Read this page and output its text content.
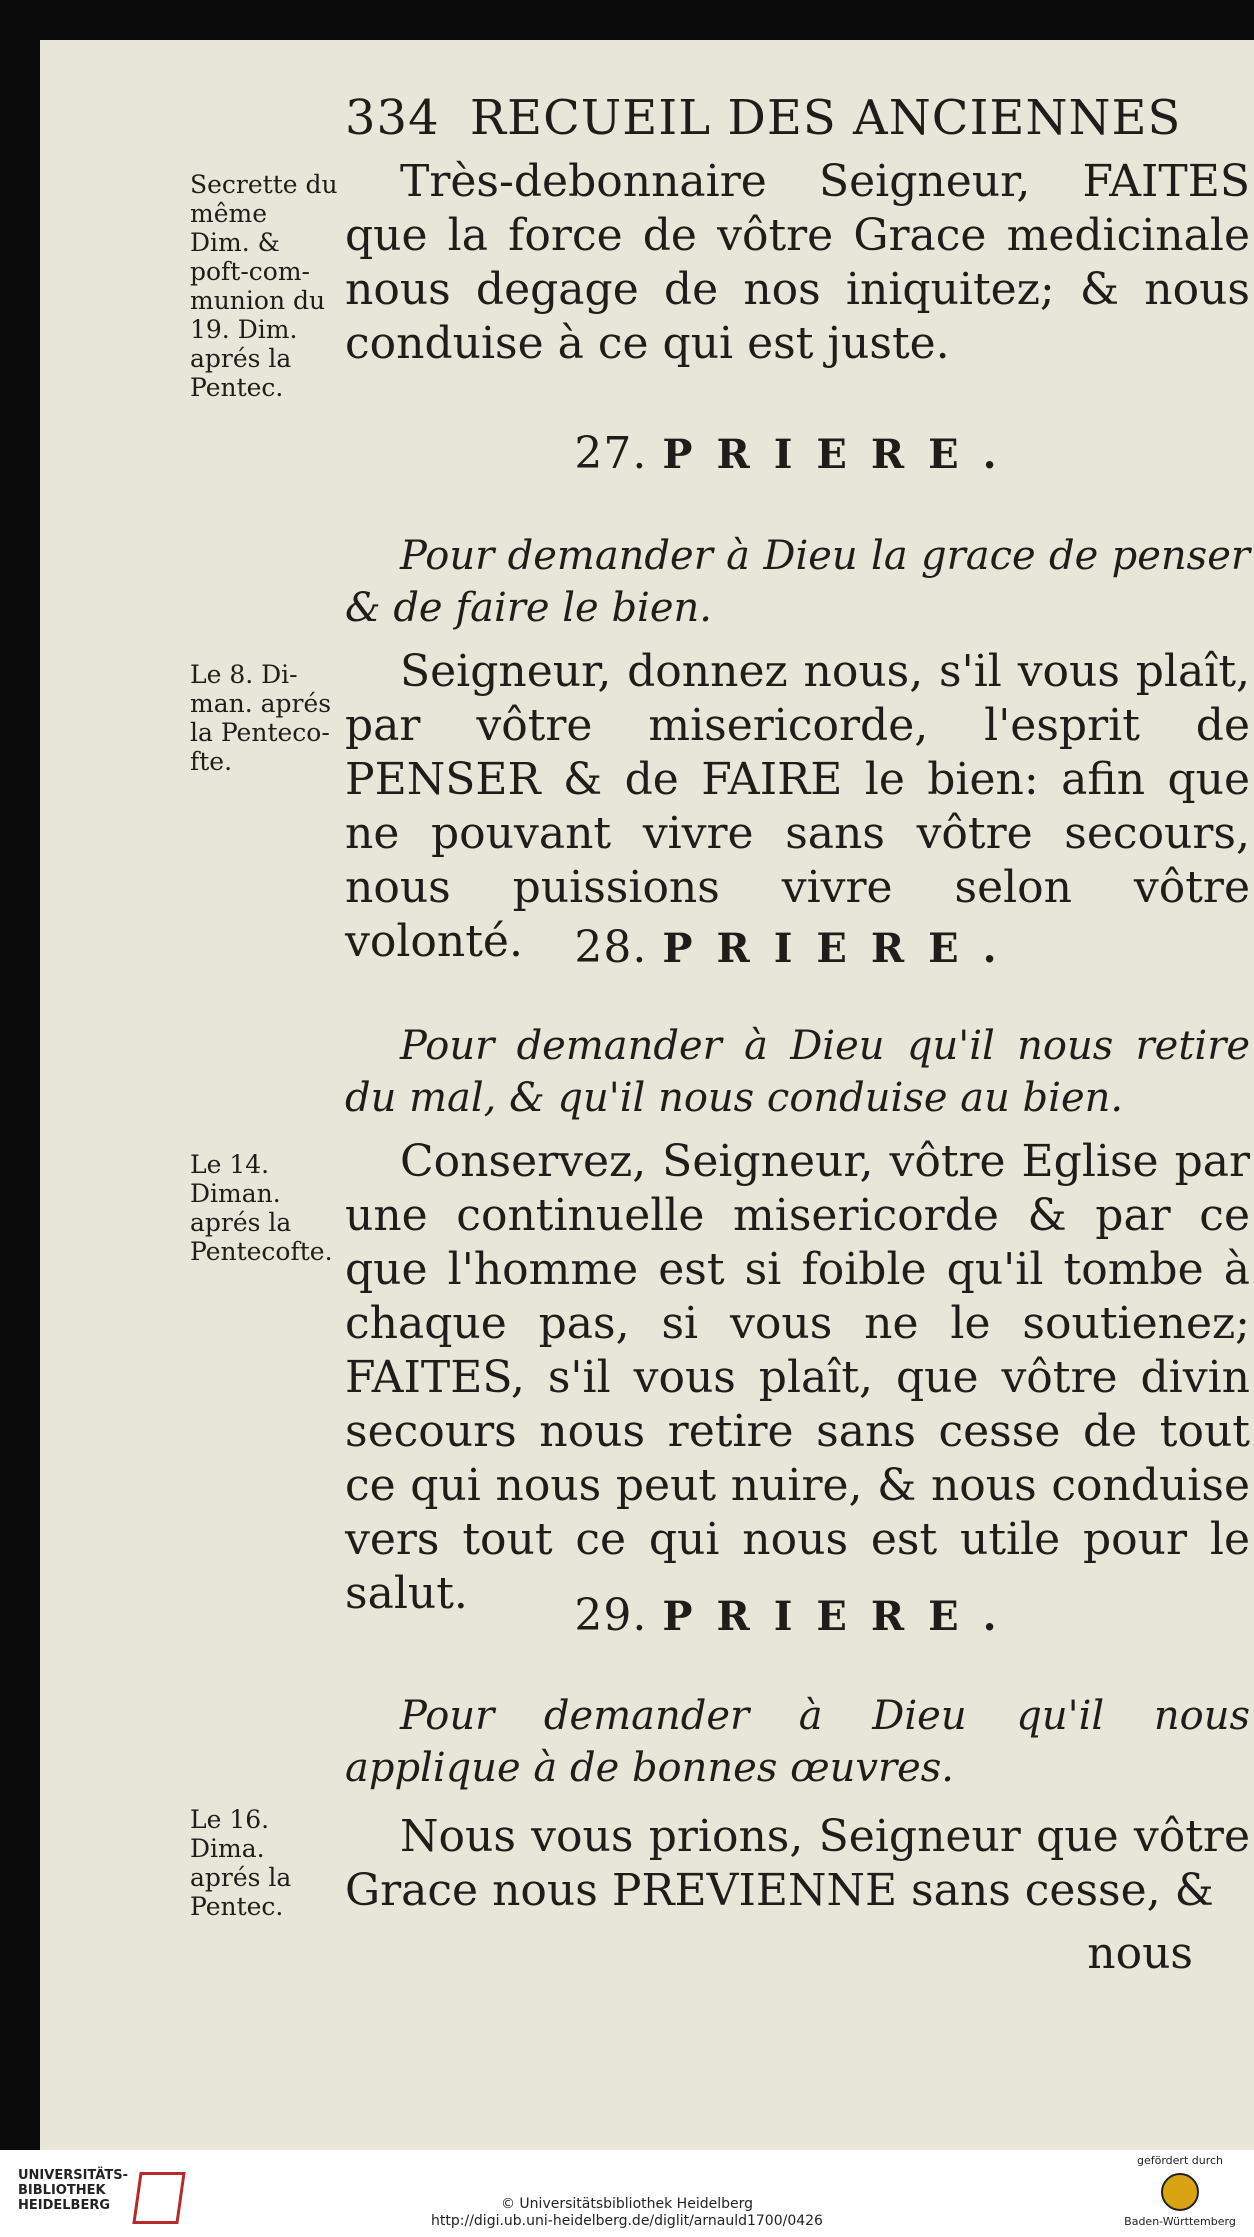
334 RECUEIL DES ANCIENNES
Secrette du
même
Dim. &
poft-com-
munion du
19. Dim.
aprés la
Pentec.
Très-debonnaire Seigneur, FAITES que la force de vôtre Grace medicinale nous degage de nos iniquitez; & nous conduise à ce qui est juste.
27. PRIERE.
Pour demander à Dieu la grace de penser & de faire le bien.
Le 8. Di-
man. aprés
la Penteco-
fte.
Seigneur, donnez nous, s'il vous plaît, par vôtre misericorde, l'esprit de PENSER & de FAIRE le bien: afin que ne pouvant vivre sans vôtre secours, nous puissions vivre selon vôtre volonté.	28. PRIERE.
Pour demander à Dieu qu'il nous retire du mal, & qu'il nous conduise au bien.
Le 14.
Diman.
aprés la
Pentecofte.
Conservez, Seigneur, vôtre Eglise par une continuelle misericorde & par ce que l'homme est si foible qu'il tombe à chaque pas, si vous ne le soutienez; FAITES, s'il vous plaît, que vôtre divin secours nous retire sans cesse de tout ce qui nous peut nuire, & nous conduise vers tout ce qui nous est utile pour le salut.	29. PRIERE.
Pour demander à Dieu qu'il nous applique à de bonnes œuvres.
Le 16.
Dima.
aprés la
Pentec.
Nous vous prions, Seigneur que vôtre Grace nous PREVIENNE sans cesse, &
nous
UNIVERSITÄTS-
BIBLIOTHEK
HEIDELBERG	© Universitätsbibliothek Heidelberg
http://digi.ub.uni-heidelberg.de/diglit/arnauld1700/0426
gefördert durch
Baden-Württemberg
